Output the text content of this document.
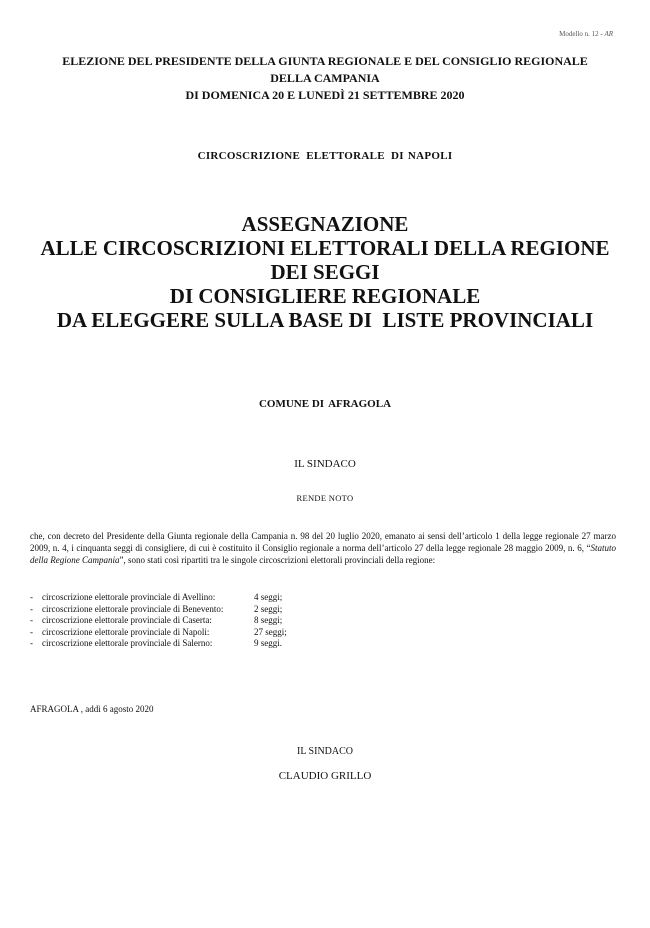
Modello n. 12 - AR
ELEZIONE DEL PRESIDENTE DELLA GIUNTA REGIONALE E DEL CONSIGLIO REGIONALE
DELLA CAMPANIA
DI DOMENICA 20 E LUNEDÌ 21 SETTEMBRE 2020
CIRCOSCRIZIONE  ELETTORALE  DI NAPOLI
ASSEGNAZIONE
ALLE CIRCOSCRIZIONI ELETTORALI DELLA REGIONE
DEI SEGGI
DI CONSIGLIERE REGIONALE
DA ELEGGERE SULLA BASE DI  LISTE PROVINCIALI
COMUNE DI AFRAGOLA
IL SINDACO
RENDE NOTO
che, con decreto del Presidente della Giunta regionale della Campania n. 98 del 20 luglio 2020, emanato ai sensi dell’articolo 1 della legge regionale 27 marzo 2009, n. 4, i cinquanta seggi di consigliere, di cui è costituito il Consiglio regionale a norma dell’articolo 27 della legge regionale 28 maggio 2009, n. 6, “Statuto della Regione Campania”, sono stati così ripartiti tra le singole circoscrizioni elettorali provinciali della regione:
-	circoscrizione elettorale provinciale di Avellino:	4 seggi;
-	circoscrizione elettorale provinciale di Benevento:	2 seggi;
-	circoscrizione elettorale provinciale di Caserta:	8 seggi;
-	circoscrizione elettorale provinciale di Napoli:	27 seggi;
-	circoscrizione elettorale provinciale di Salerno:	9 seggi.
AFRAGOLA , addì 6 agosto 2020
IL SINDACO
CLAUDIO GRILLO
